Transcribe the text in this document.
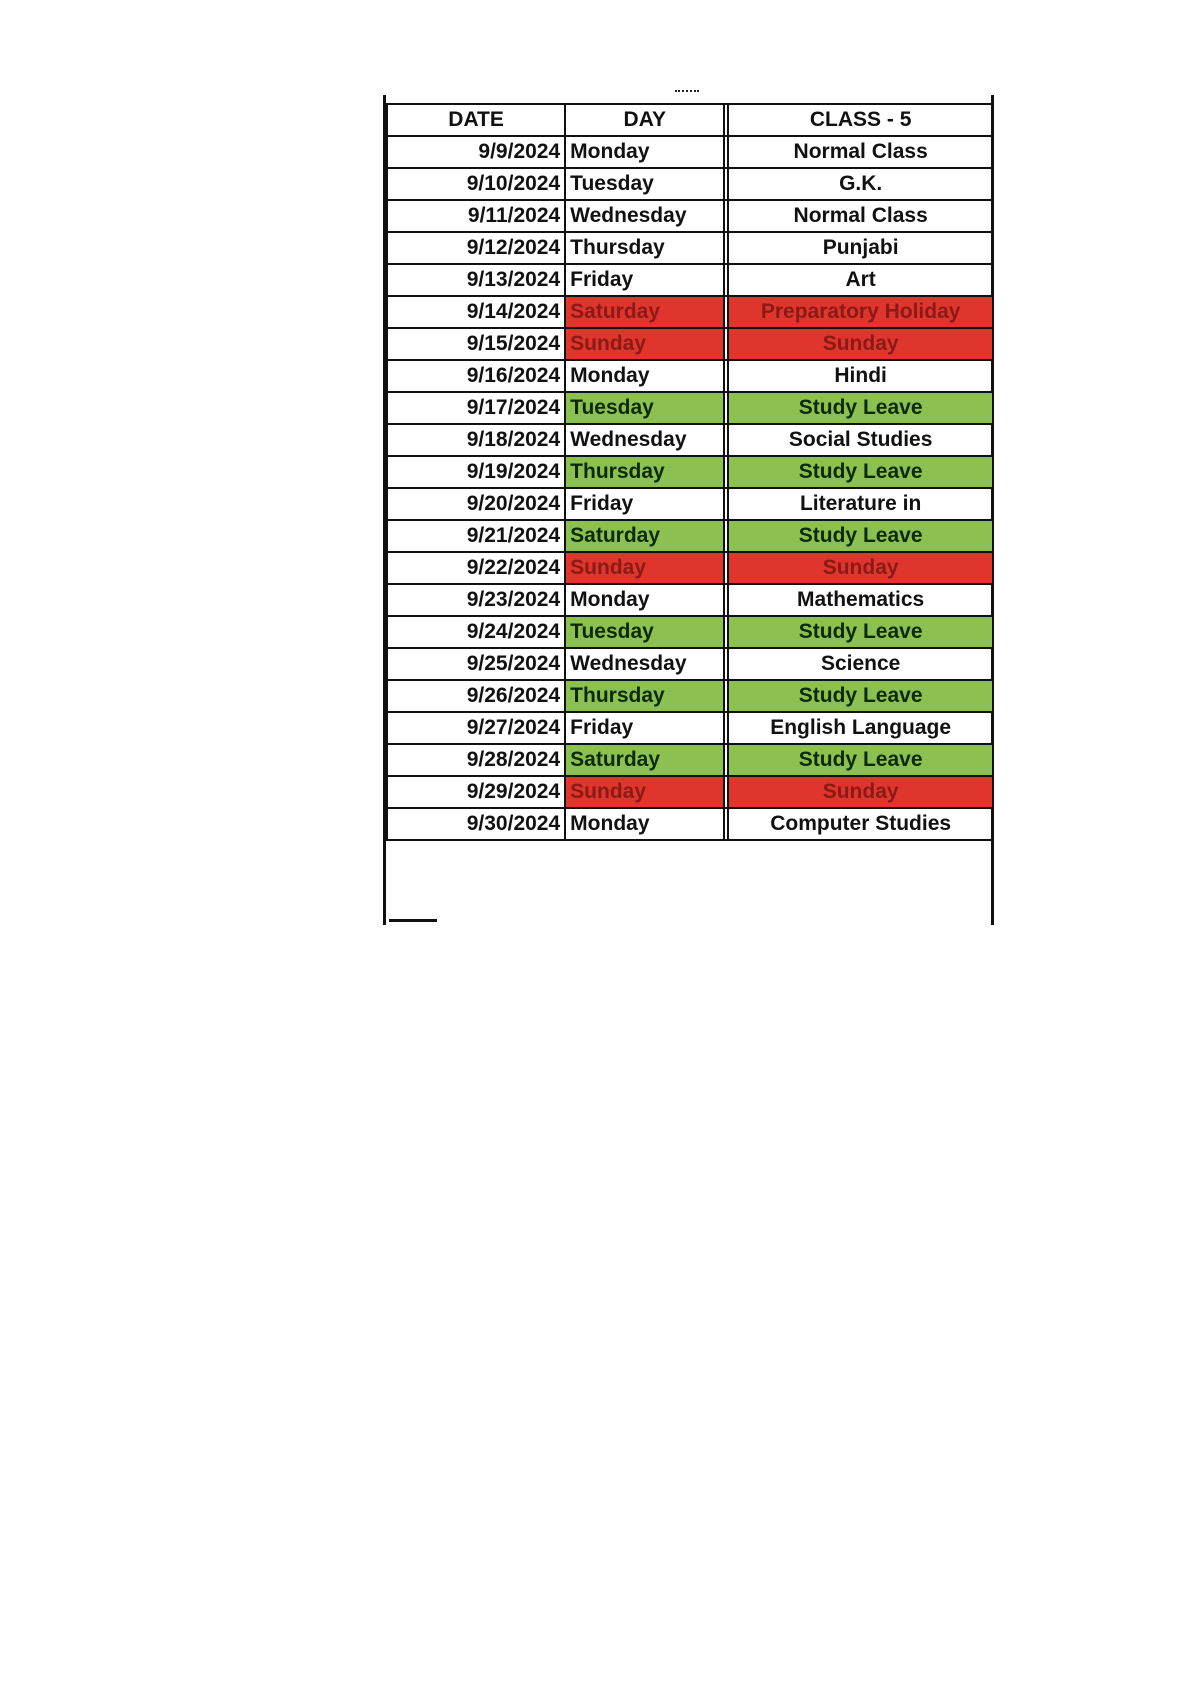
DATE	DAY		CLASS - 5
9/9/2024	Monday		Normal Class
9/10/2024	Tuesday		G.K.
9/11/2024	Wednesday		Normal Class
9/12/2024	Thursday		Punjabi
9/13/2024	Friday		Art
9/14/2024	Saturday		Preparatory Holiday
9/15/2024	Sunday		Sunday
9/16/2024	Monday		Hindi
9/17/2024	Tuesday		Study Leave
9/18/2024	Wednesday		Social Studies
9/19/2024	Thursday		Study Leave
9/20/2024	Friday		Literature in
9/21/2024	Saturday		Study Leave
9/22/2024	Sunday		Sunday
9/23/2024	Monday		Mathematics
9/24/2024	Tuesday		Study Leave
9/25/2024	Wednesday		Science
9/26/2024	Thursday		Study Leave
9/27/2024	Friday		English Language
9/28/2024	Saturday		Study Leave
9/29/2024	Sunday		Sunday
9/30/2024	Monday		Computer Studies
